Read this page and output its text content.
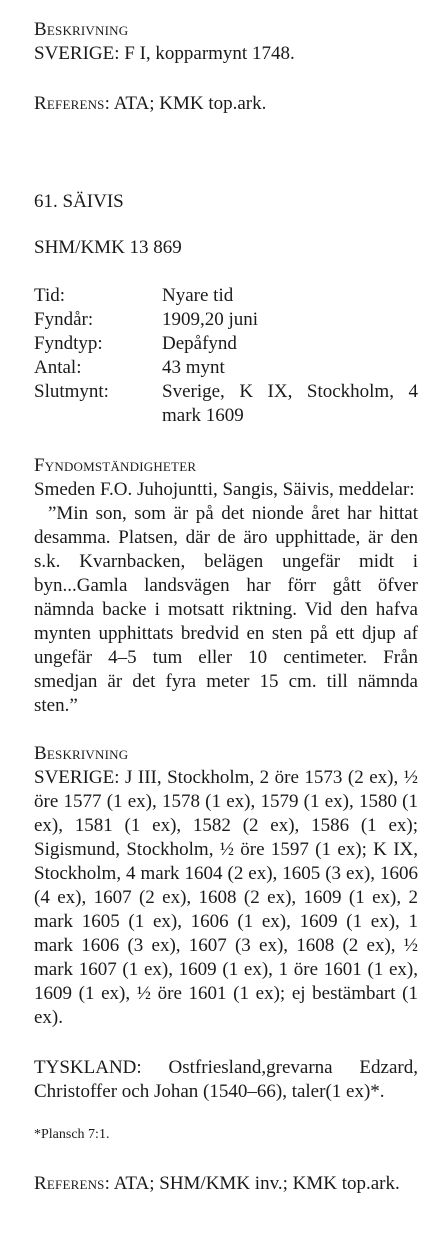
Beskrivning
SVERIGE: F I, kopparmynt 1748.
Referens: ATA; KMK top.ark.
61. SÄIVIS
SHM/KMK 13 869
Tid:	Nyare tid
Fyndår:	1909,20 juni
Fyndtyp:	Depåfynd
Antal:	43 mynt
Slutmynt:	Sverige, K IX, Stockholm, 4 mark 1609
Fyndomständigheter
Smeden F.O. Juhojuntti, Sangis, Säivis, meddelar:
”Min son, som är på det nionde året har hittat desamma. Platsen, där de äro upphittade, är den s.k. Kvarnbacken, belägen ungefär midt i byn...Gamla landsvägen har förr gått öfver nämnda backe i motsatt riktning. Vid den hafva mynten upphittats bredvid en sten på ett djup af ungefär 4–5 tum eller 10 centimeter. Från smedjan är det fyra meter 15 cm. till nämnda sten.”
Beskrivning
SVERIGE: J III, Stockholm, 2 öre 1573 (2 ex), ½ öre 1577 (1 ex), 1578 (1 ex), 1579 (1 ex), 1580 (1 ex), 1581 (1 ex), 1582 (2 ex), 1586 (1 ex); Sigismund, Stockholm, ½ öre 1597 (1 ex); K IX, Stockholm, 4 mark 1604 (2 ex), 1605 (3 ex), 1606 (4 ex), 1607 (2 ex), 1608 (2 ex), 1609 (1 ex), 2 mark 1605 (1 ex), 1606 (1 ex), 1609 (1 ex), 1 mark 1606 (3 ex), 1607 (3 ex), 1608 (2 ex), ½ mark 1607 (1 ex), 1609 (1 ex), 1 öre 1601 (1 ex), 1609 (1 ex), ½ öre 1601 (1 ex); ej bestämbart (1 ex).
TYSKLAND: Ostfriesland,grevarna Edzard, Christoffer och Johan (1540–66), taler(1 ex)*.
*Plansch 7:1.
Referens: ATA; SHM/KMK inv.; KMK top.ark.
